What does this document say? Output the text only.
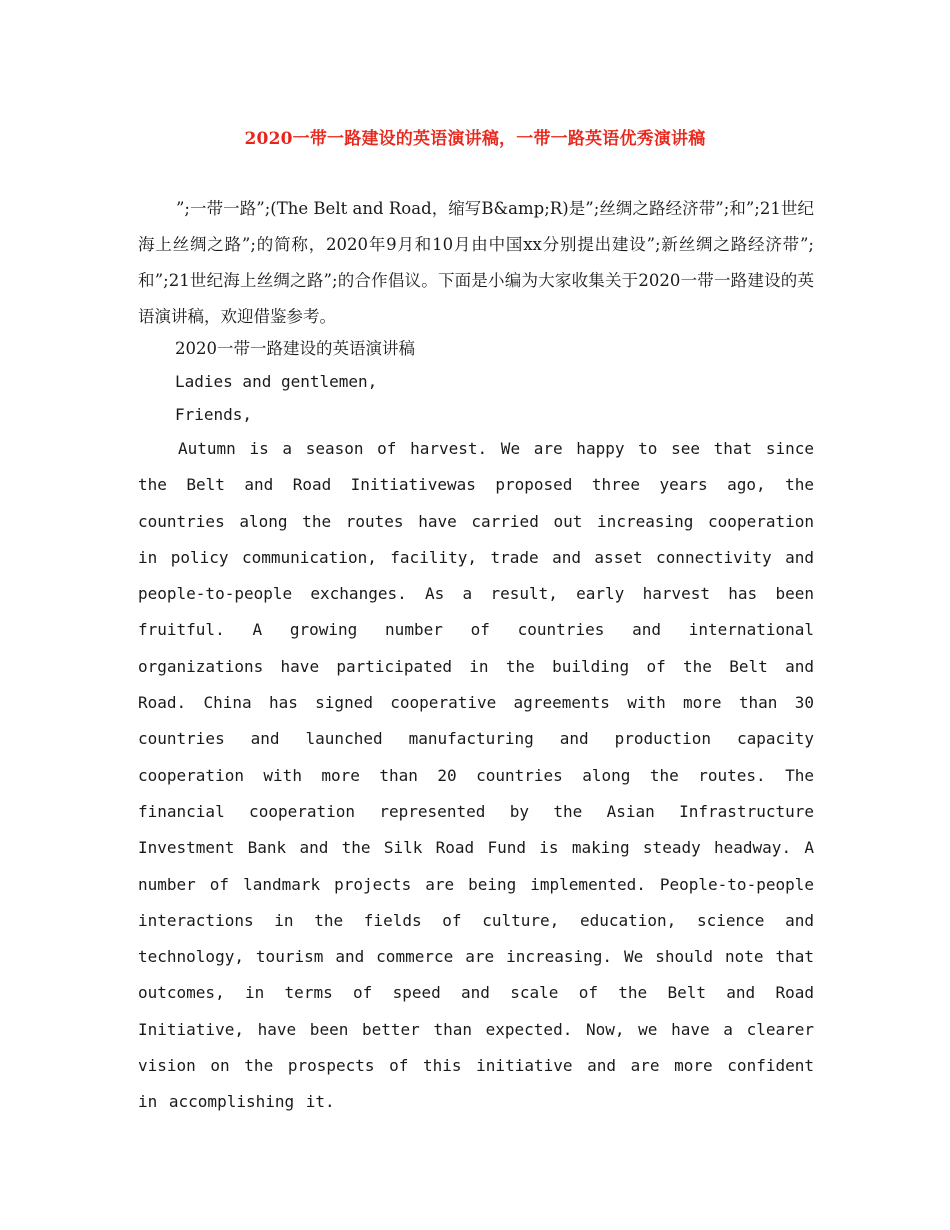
2020一带一路建设的英语演讲稿，一带一路英语优秀演讲稿
”;一带一路”;(The Belt and Road，缩写B&amp;R)是”;丝绸之路经济带”;和”;21世纪海上丝绸之路”;的简称，2020年9月和10月由中国xx分别提出建设”;新丝绸之路经济带”;和”;21世纪海上丝绸之路”;的合作倡议。下面是小编为大家收集关于2020一带一路建设的英语演讲稿，欢迎借鉴参考。
2020一带一路建设的英语演讲稿
Ladies and gentlemen,
Friends,
Autumn is a season of harvest. We are happy to see that since the Belt and Road Initiativewas proposed three years ago, the countries along the routes have carried out increasing cooperation in policy communication, facility, trade and asset connectivity and people-to-people exchanges. As a result, early harvest has been fruitful. A growing number of countries and international organizations have participated in the building of the Belt and Road. China has signed cooperative agreements with more than 30 countries and launched manufacturing and production capacity cooperation with more than 20 countries along the routes. The financial cooperation represented by the Asian Infrastructure Investment Bank and the Silk Road Fund is making steady headway. A number of landmark projects are being implemented. People-to-people interactions in the fields of culture, education, science and technology, tourism and commerce are increasing. We should note that outcomes, in terms of speed and scale of the Belt and Road Initiative, have been better than expected. Now, we have a clearer vision on the prospects of this initiative and are more confident in accomplishing it.
